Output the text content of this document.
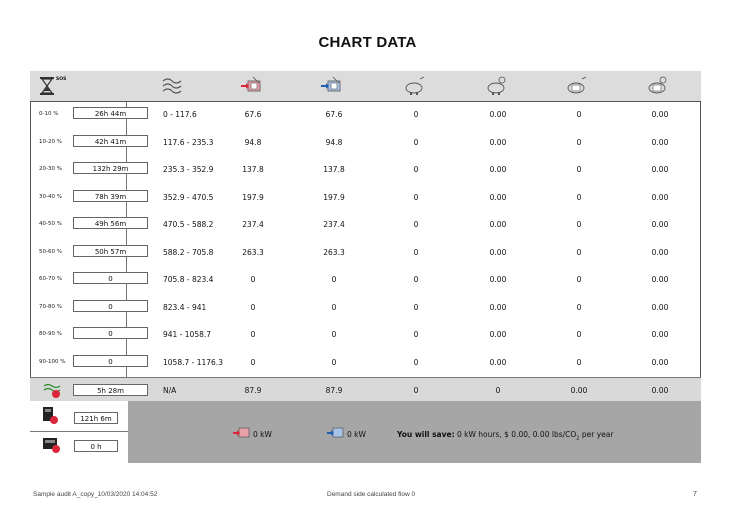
CHART DATA
SOS
0-10 %	26h 44m	0 - 117.6	67.6	67.6	0	0.00	0	0.00
10-20 %	42h 41m	117.6 - 235.3	94.8	94.8	0	0.00	0	0.00
20-30 %	132h 29m	235.3 - 352.9	137.8	137.8	0	0.00	0	0.00
30-40 %	78h 39m	352.9 - 470.5	197.9	197.9	0	0.00	0	0.00
40-50 %	49h 56m	470.5 - 588.2	237.4	237.4	0	0.00	0	0.00
50-60 %	50h 57m	588.2 - 705.8	263.3	263.3	0	0.00	0	0.00
60-70 %	0	705.8 - 823.4	0	0	0	0.00	0	0.00
70-80 %	0	823.4 - 941	0	0	0	0.00	0	0.00
80-90 %	0	941 - 1058.7	0	0	0	0.00	0	0.00
90-100 %	0	1058.7 - 1176.3	0	0	0	0.00	0	0.00
5h 28m	N/A	87.9	87.9	0	0	0.00	0.00
121h 6m
0 h
0 kW	0 kW	You will save: 0 kW hours, $ 0.00, 0.00 lbs/$CO_2$ per year
Sample audit A_copy_10/03/2020 14:04:52	Demand side calculated flow 0	7
